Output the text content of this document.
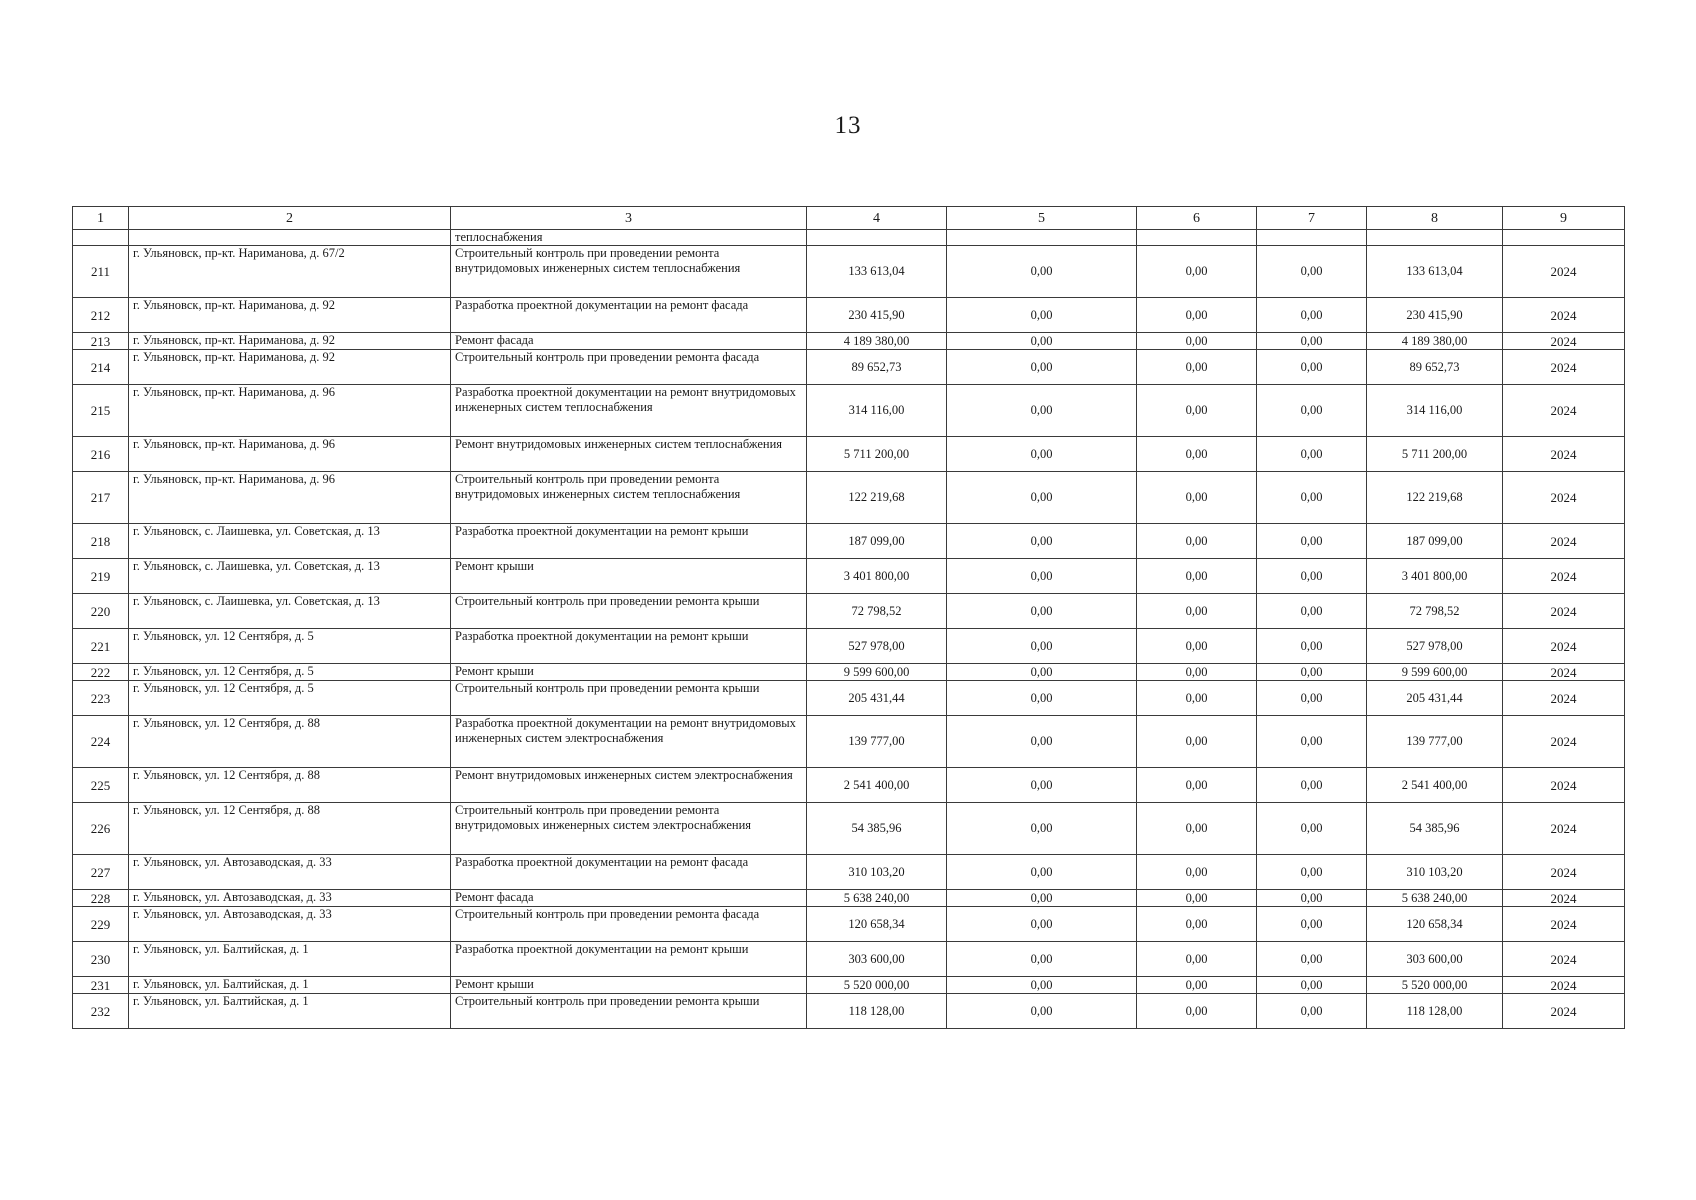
13
1	2	3	4	5	6	7	8	9
		теплоснабжения						
211	г. Ульяновск, пр-кт. Нариманова, д. 67/2	Строительный контроль при проведении ремонта внутридомовых инженерных систем теплоснабжения	133 613,04	0,00	0,00	0,00	133 613,04	2024
212	г. Ульяновск, пр-кт. Нариманова, д. 92	Разработка проектной документации на ремонт фасада	230 415,90	0,00	0,00	0,00	230 415,90	2024
213	г. Ульяновск, пр-кт. Нариманова, д. 92	Ремонт фасада	4 189 380,00	0,00	0,00	0,00	4 189 380,00	2024
214	г. Ульяновск, пр-кт. Нариманова, д. 92	Строительный контроль при проведении ремонта фасада	89 652,73	0,00	0,00	0,00	89 652,73	2024
215	г. Ульяновск, пр-кт. Нариманова, д. 96	Разработка проектной документации на ремонт внутридомовых инженерных систем теплоснабжения	314 116,00	0,00	0,00	0,00	314 116,00	2024
216	г. Ульяновск, пр-кт. Нариманова, д. 96	Ремонт внутридомовых инженерных систем теплоснабжения	5 711 200,00	0,00	0,00	0,00	5 711 200,00	2024
217	г. Ульяновск, пр-кт. Нариманова, д. 96	Строительный контроль при проведении ремонта внутридомовых инженерных систем теплоснабжения	122 219,68	0,00	0,00	0,00	122 219,68	2024
218	г. Ульяновск, с. Лаишевка, ул. Советская, д. 13	Разработка проектной документации на ремонт крыши	187 099,00	0,00	0,00	0,00	187 099,00	2024
219	г. Ульяновск, с. Лаишевка, ул. Советская, д. 13	Ремонт крыши	3 401 800,00	0,00	0,00	0,00	3 401 800,00	2024
220	г. Ульяновск, с. Лаишевка, ул. Советская, д. 13	Строительный контроль при проведении ремонта крыши	72 798,52	0,00	0,00	0,00	72 798,52	2024
221	г. Ульяновск, ул. 12 Сентября, д. 5	Разработка проектной документации на ремонт крыши	527 978,00	0,00	0,00	0,00	527 978,00	2024
222	г. Ульяновск, ул. 12 Сентября, д. 5	Ремонт крыши	9 599 600,00	0,00	0,00	0,00	9 599 600,00	2024
223	г. Ульяновск, ул. 12 Сентября, д. 5	Строительный контроль при проведении ремонта крыши	205 431,44	0,00	0,00	0,00	205 431,44	2024
224	г. Ульяновск, ул. 12 Сентября, д. 88	Разработка проектной документации на ремонт внутридомовых инженерных систем электроснабжения	139 777,00	0,00	0,00	0,00	139 777,00	2024
225	г. Ульяновск, ул. 12 Сентября, д. 88	Ремонт внутридомовых инженерных систем электроснабжения	2 541 400,00	0,00	0,00	0,00	2 541 400,00	2024
226	г. Ульяновск, ул. 12 Сентября, д. 88	Строительный контроль при проведении ремонта внутридомовых инженерных систем электроснабжения	54 385,96	0,00	0,00	0,00	54 385,96	2024
227	г. Ульяновск, ул. Автозаводская, д. 33	Разработка проектной документации на ремонт фасада	310 103,20	0,00	0,00	0,00	310 103,20	2024
228	г. Ульяновск, ул. Автозаводская, д. 33	Ремонт фасада	5 638 240,00	0,00	0,00	0,00	5 638 240,00	2024
229	г. Ульяновск, ул. Автозаводская, д. 33	Строительный контроль при проведении ремонта фасада	120 658,34	0,00	0,00	0,00	120 658,34	2024
230	г. Ульяновск, ул. Балтийская, д. 1	Разработка проектной документации на ремонт крыши	303 600,00	0,00	0,00	0,00	303 600,00	2024
231	г. Ульяновск, ул. Балтийская, д. 1	Ремонт крыши	5 520 000,00	0,00	0,00	0,00	5 520 000,00	2024
232	г. Ульяновск, ул. Балтийская, д. 1	Строительный контроль при проведении ремонта крыши	118 128,00	0,00	0,00	0,00	118 128,00	2024
